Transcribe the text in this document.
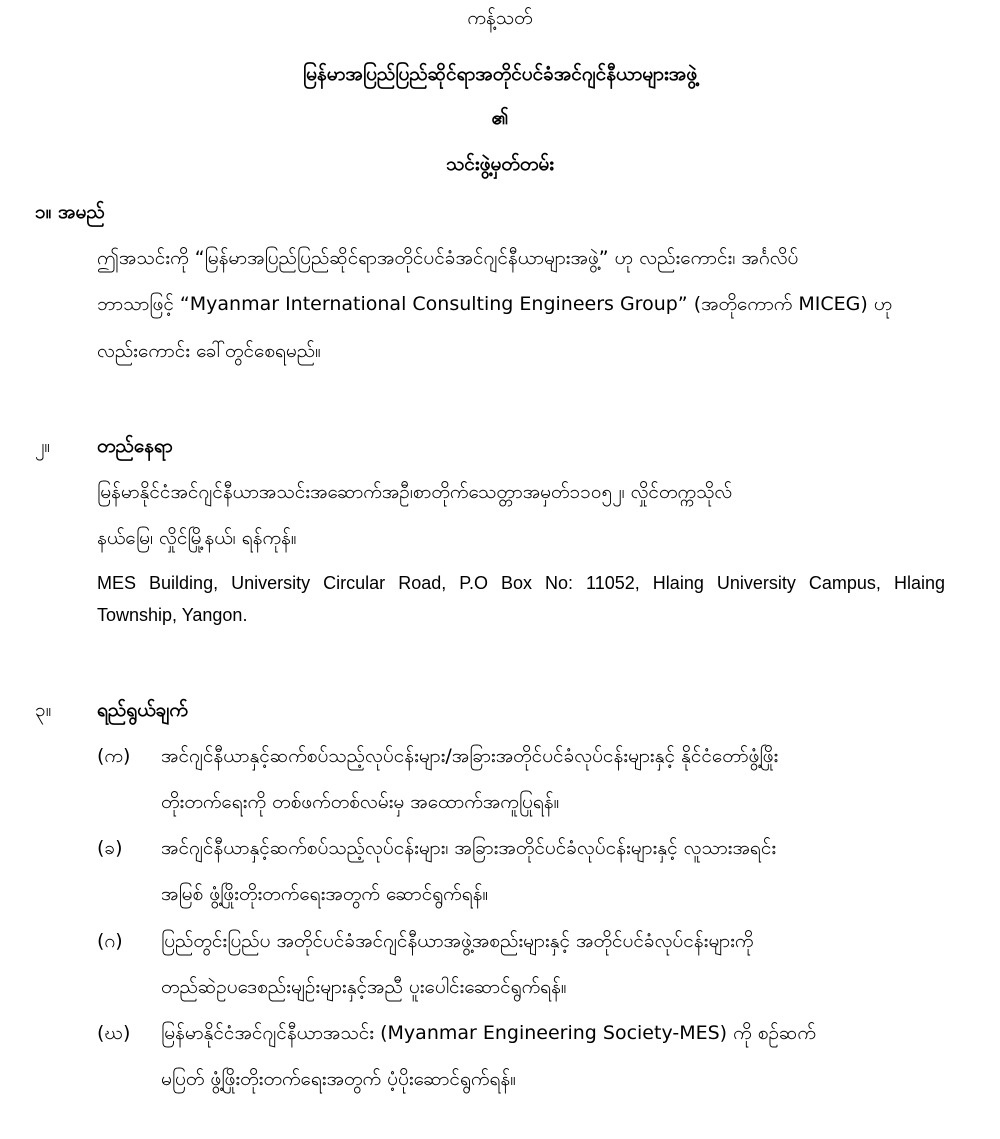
ကန့်သတ်
မြန်မာအပြည်ပြည်ဆိုင်ရာအတိုင်ပင်ခံအင်ဂျင်နီယာများအဖွဲ့
၏
သင်းဖွဲ့မှတ်တမ်း
၁။ အမည်
ဤအသင်းကို “မြန်မာအပြည်ပြည်ဆိုင်ရာအတိုင်ပင်ခံအင်ဂျင်နီယာများအဖွဲ့” ဟု လည်းကောင်း၊ အင်္ဂလိပ်
ဘာသာဖြင့် “Myanmar International Consulting Engineers Group” (အတိုကောက် MICEG) ဟု
လည်းကောင်း ခေါ်တွင်စေရမည်။
၂။ တည်နေရာ
မြန်မာနိုင်ငံအင်ဂျင်နီယာအသင်းအဆောက်အဦ၊စာတိုက်သေတ္တာအမှတ်၁၁၀၅၂၊ လှိုင်တက္ကသိုလ်
နယ်မြေ၊ လှိုင်မြို့နယ်၊ ရန်ကုန်။
MES Building, University Circular Road, P.O Box No: 11052, Hlaing University Campus, Hlaing
Township, Yangon.
၃။ ရည်ရွယ်ချက်
(က) အင်ဂျင်နီယာနှင့်ဆက်စပ်သည့်လုပ်ငန်းများ/အခြားအတိုင်ပင်ခံလုပ်ငန်းများနှင့် နိုင်ငံတော်ဖွံ့ဖြိုး
တိုးတက်ရေးကို တစ်ဖက်တစ်လမ်းမှ အထောက်အကူပြုရန်။
(ခ) အင်ဂျင်နီယာနှင့်ဆက်စပ်သည့်လုပ်ငန်းများ၊ အခြားအတိုင်ပင်ခံလုပ်ငန်းများနှင့် လူသားအရင်း
အမြစ် ဖွံ့ဖြိုးတိုးတက်ရေးအတွက် ဆောင်ရွက်ရန်။
(ဂ) ပြည်တွင်းပြည်ပ အတိုင်ပင်ခံအင်ဂျင်နီယာအဖွဲ့အစည်းများနှင့် အတိုင်ပင်ခံလုပ်ငန်းများကို
တည်ဆဲဥပဒေစည်းမျဉ်းများနှင့်အညီ ပူးပေါင်းဆောင်ရွက်ရန်။
(ဃ) မြန်မာနိုင်ငံအင်ဂျင်နီယာအသင်း (Myanmar Engineering Society-MES) ကို စဉ်ဆက်
မပြတ် ဖွံ့ဖြိုးတိုးတက်ရေးအတွက် ပံ့ပိုးဆောင်ရွက်ရန်။
